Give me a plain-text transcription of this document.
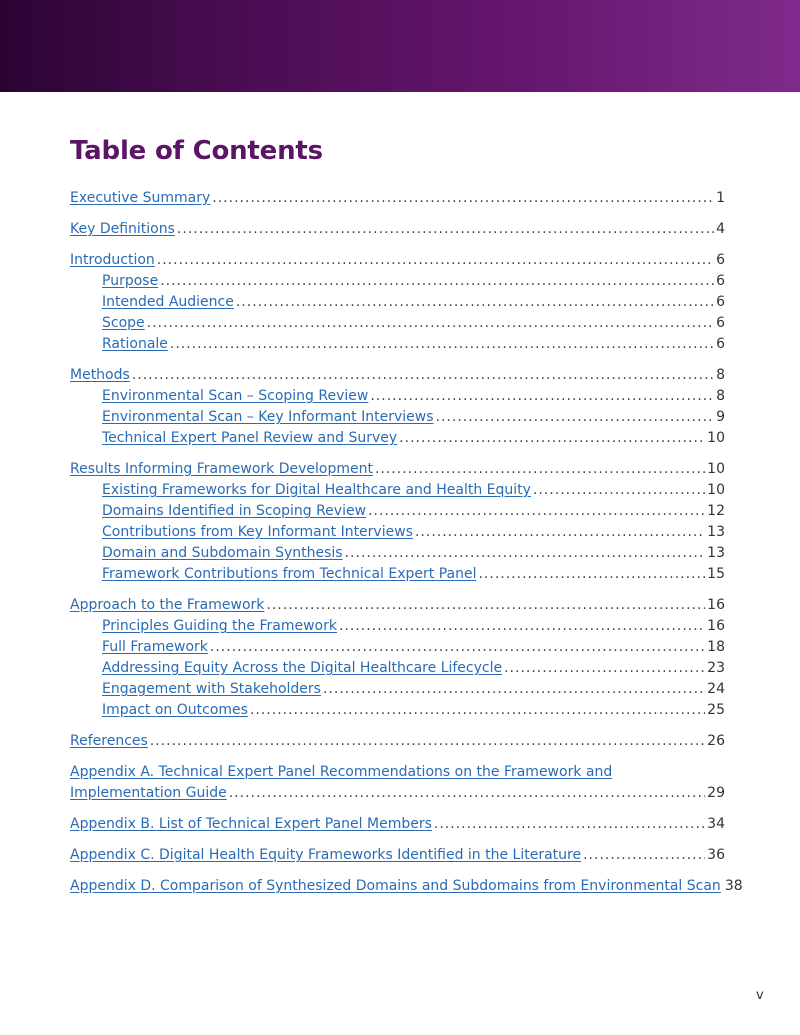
Table of Contents
Executive Summary .....	1
Key Definitions .....	4
Introduction .....	6
Purpose .....	6
Intended Audience .....	6
Scope .....	6
Rationale .....	6
Methods .....	8
Environmental Scan – Scoping Review .....	8
Environmental Scan – Key Informant Interviews .....	9
Technical Expert Panel Review and Survey .....	10
Results Informing Framework Development .....	10
Existing Frameworks for Digital Healthcare and Health Equity .....	10
Domains Identified in Scoping Review .....	12
Contributions from Key Informant Interviews .....	13
Domain and Subdomain Synthesis .....	13
Framework Contributions from Technical Expert Panel .....	15
Approach to the Framework .....	16
Principles Guiding the Framework .....	16
Full Framework .....	18
Addressing Equity Across the Digital Healthcare Lifecycle .....	23
Engagement with Stakeholders .....	24
Impact on Outcomes .....	25
References .....	26
Appendix A. Technical Expert Panel Recommendations on the Framework and
Implementation Guide .....	29
Appendix B. List of Technical Expert Panel Members .....	34
Appendix C. Digital Health Equity Frameworks Identified in the Literature .....	36
Appendix D. Comparison of Synthesized Domains and Subdomains from Environmental Scan 38
v
